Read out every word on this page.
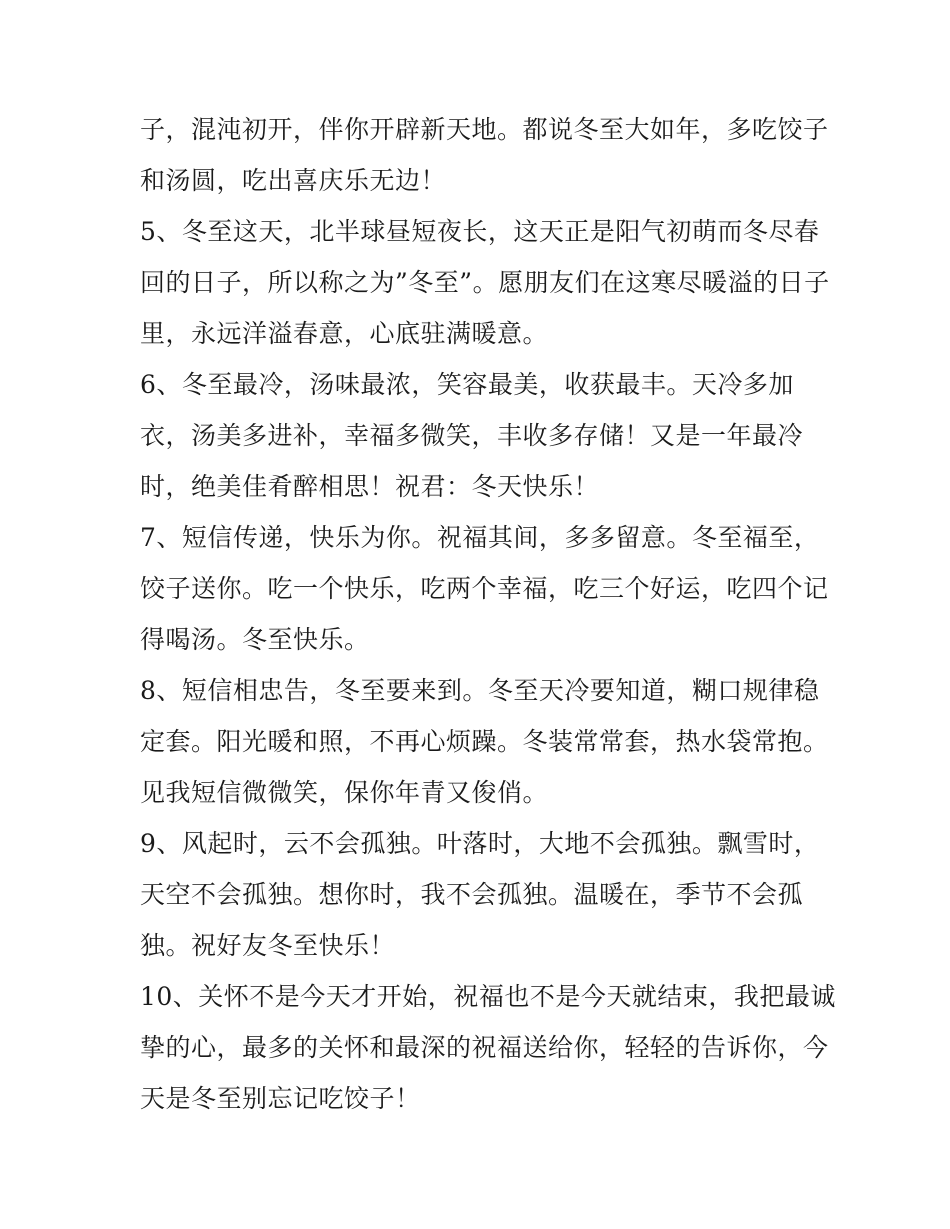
子，混沌初开，伴你开辟新天地。都说冬至大如年，多吃饺子
和汤圆，吃出喜庆乐无边！
5、冬至这天，北半球昼短夜长，这天正是阳气初萌而冬尽春
回的日子，所以称之为”冬至”。愿朋友们在这寒尽暖溢的日子
里，永远洋溢春意，心底驻满暖意。
6、冬至最冷，汤味最浓，笑容最美，收获最丰。天冷多加
衣，汤美多进补，幸福多微笑，丰收多存储！又是一年最冷
时，绝美佳肴醉相思！祝君：冬天快乐！
7、短信传递，快乐为你。祝福其间，多多留意。冬至福至，
饺子送你。吃一个快乐，吃两个幸福，吃三个好运，吃四个记
得喝汤。冬至快乐。
8、短信相忠告，冬至要来到。冬至天冷要知道，糊口规律稳
定套。阳光暖和照，不再心烦躁。冬装常常套，热水袋常抱。
见我短信微微笑，保你年青又俊俏。
9、风起时，云不会孤独。叶落时，大地不会孤独。飘雪时，
天空不会孤独。想你时，我不会孤独。温暖在，季节不会孤
独。祝好友冬至快乐！
10、关怀不是今天才开始，祝福也不是今天就结束，我把最诚
挚的心，最多的关怀和最深的祝福送给你，轻轻的告诉你，今
天是冬至别忘记吃饺子！
